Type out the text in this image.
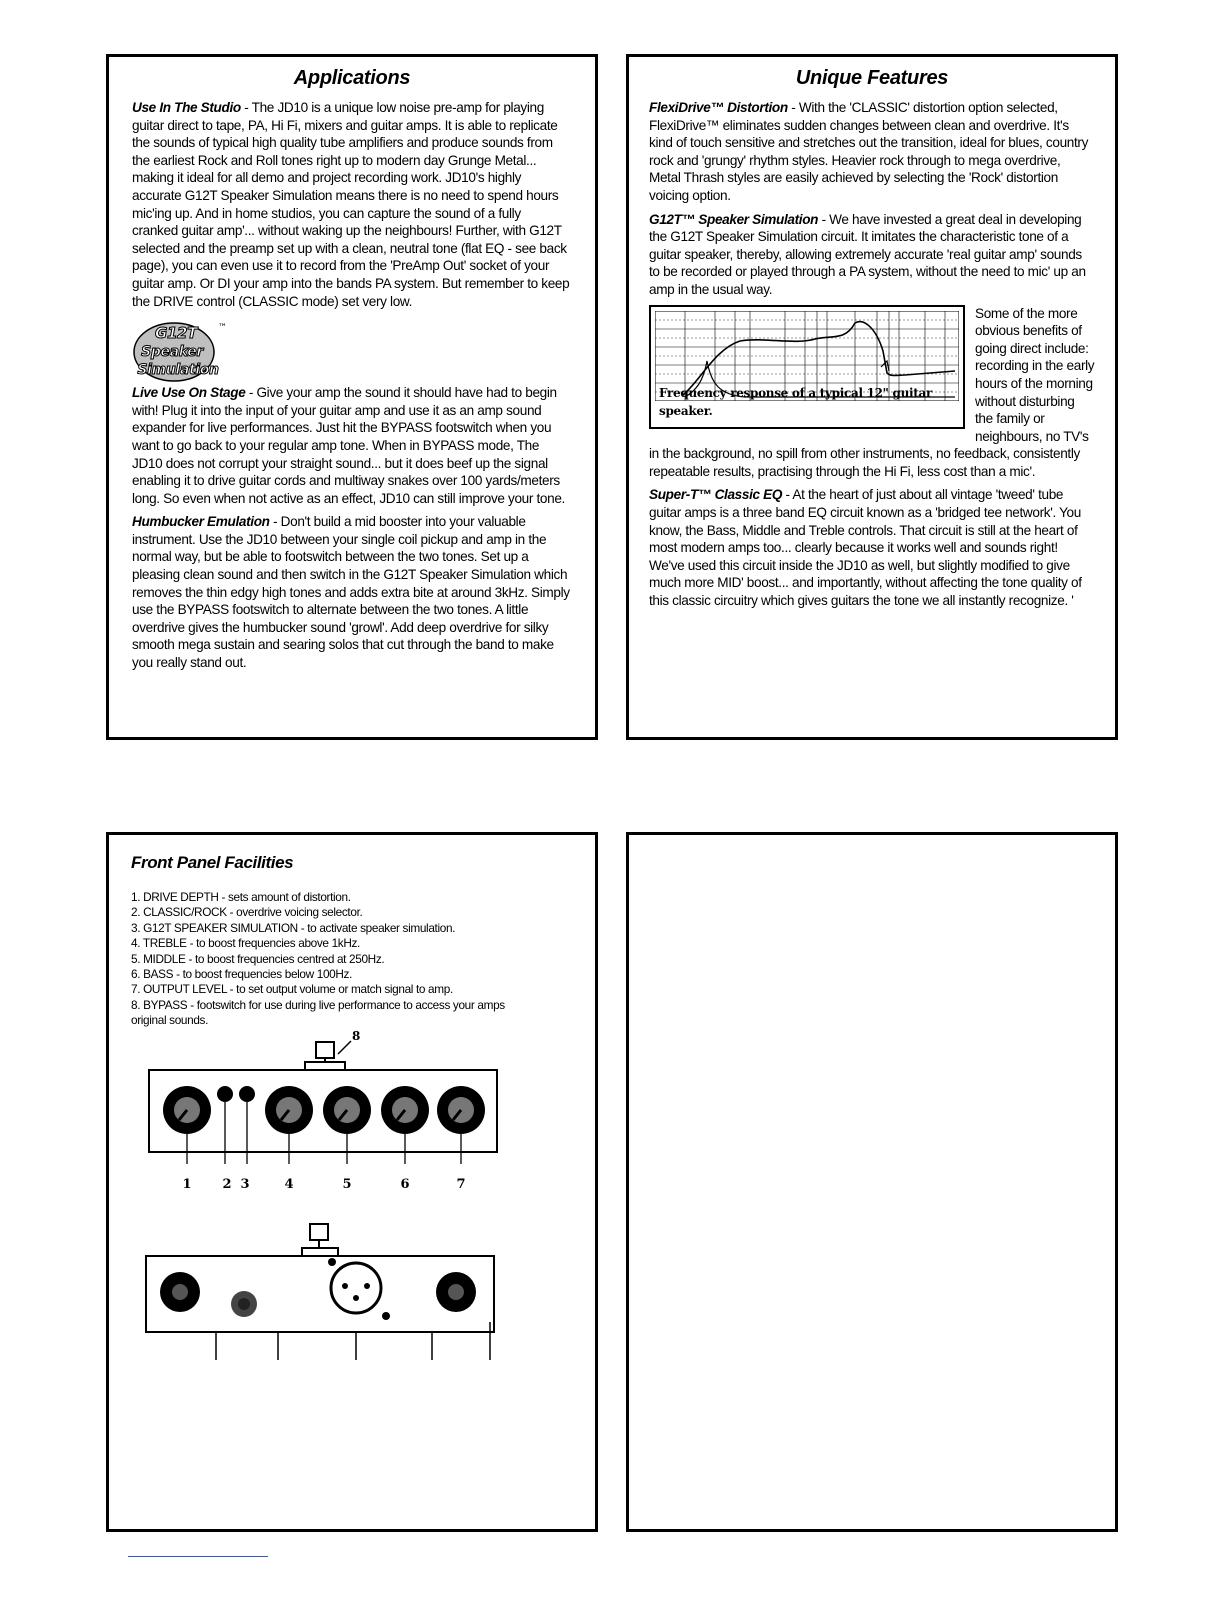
Applications

Use In The Studio - The JD10 is a unique low noise pre-amp for playing guitar direct to tape, PA, Hi Fi, mixers and guitar amps. It is able to replicate the sounds of typical high quality tube amplifiers and produce sounds from the earliest Rock and Roll tones right up to modern day Grunge Metal... making it ideal for all demo and project recording work. JD10's highly accurate G12T Speaker Simulation means there is no need to spend hours mic'ing up. And in home studios, you can capture the sound of a fully cranked guitar amp'... without waking up the neighbours! Further, with G12T selected and the preamp set up with a clean, neutral tone (flat EQ - see back page), you can even use it to record from the 'PreAmp Out' socket of your guitar amp. Or DI your amp into the bands PA system. But remember to keep the DRIVE control (CLASSIC mode) set very low.

G12T
Speaker
Simulation
™

Live Use On Stage - Give your amp the sound it should have had to begin with! Plug it into the input of your guitar amp and use it as an amp sound expander for live performances. Just hit the BYPASS footswitch when you want to go back to your regular amp tone. When in BYPASS mode, The JD10 does not corrupt your straight sound... but it does beef up the signal enabling it to drive guitar cords and multiway snakes over 100 yards/meters long. So even when not active as an effect, JD10 can still improve your tone.

Humbucker Emulation - Don't build a mid booster into your valuable instrument. Use the JD10 between your single coil pickup and amp in the normal way, but be able to footswitch between the two tones. Set up a pleasing clean sound and then switch in the G12T Speaker Simulation which removes the thin edgy high tones and adds extra bite at around 3kHz. Simply use the BYPASS footswitch to alternate between the two tones. A little overdrive gives the humbucker sound 'growl'. Add deep overdrive for silky smooth mega sustain and searing solos that cut through the band to make you really stand out.

Unique Features

FlexiDrive™ Distortion - With the 'CLASSIC' distortion option selected, FlexiDrive™ eliminates sudden changes between clean and overdrive. It's kind of touch sensitive and stretches out the transition, ideal for blues, country rock and 'grungy' rhythm styles. Heavier rock through to mega overdrive, Metal Thrash styles are easily achieved by selecting the 'Rock' distortion voicing option.

G12T™ Speaker Simulation - We have invested a great deal in developing the G12T Speaker Simulation circuit. It imitates the characteristic tone of a guitar speaker, thereby, allowing extremely accurate 'real guitar amp' sounds to be recorded or played through a PA system, without the need to mic' up an amp in the usual way.

Frequency response of a typical 12" guitar speaker.

Some of the more obvious benefits of going direct include: recording in the early hours of the morning without disturbing the family or neighbours, no TV's in the background, no spill from other instruments, no feedback, consistently repeatable results, practising through the Hi Fi, less cost than a mic'.

Super-T™ Classic EQ - At the heart of just about all vintage 'tweed' tube guitar amps is a three band EQ circuit known as a 'bridged tee network'. You know, the Bass, Middle and Treble controls. That circuit is still at the heart of most modern amps too... clearly because it works well and sounds right! We've used this circuit inside the JD10 as well, but slightly modified to give much more MID' boost... and importantly, without affecting the tone quality of this classic circuitry which gives guitars the tone we all instantly recognize. '

Front Panel Facilities
1. DRIVE DEPTH - sets amount of distortion.
2. CLASSIC/ROCK - overdrive voicing selector.
3. G12T SPEAKER SIMULATION - to activate speaker simulation.
4. TREBLE - to boost frequencies above 1kHz.
5. MIDDLE - to boost frequencies centred at 250Hz.
6. BASS - to boost frequencies below 100Hz.
7. OUTPUT LEVEL - to set output volume or match signal to amp.
8. BYPASS - footswitch for use during live performance to access your amps original sounds.
8
1 2 3	4	5	6	7
